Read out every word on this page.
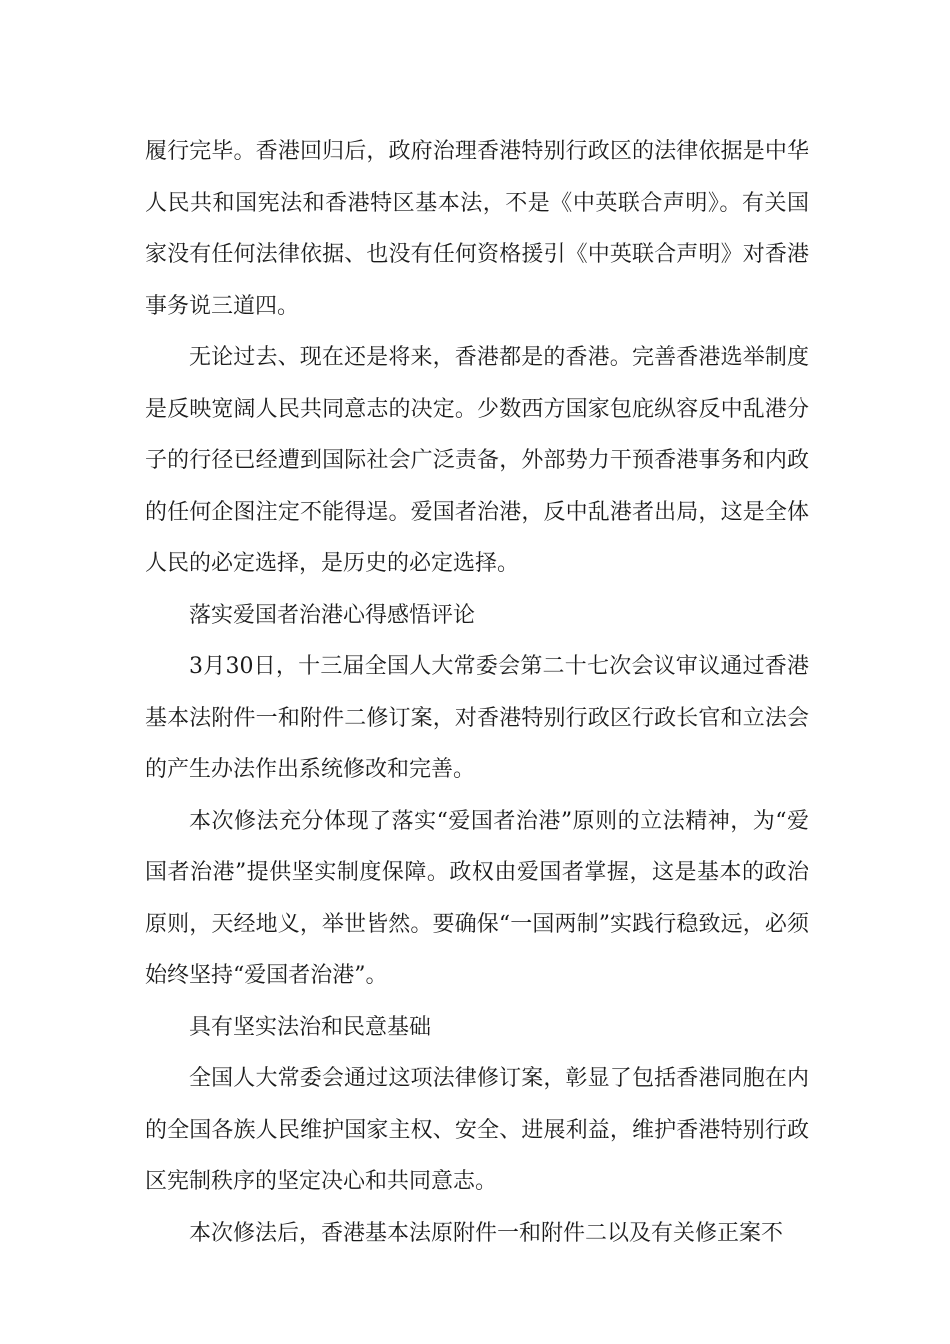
履行完毕。香港回归后，政府治理香港特别行政区的法律依据是中华人民共和国宪法和香港特区基本法，不是《中英联合声明》。有关国家没有任何法律依据、也没有任何资格援引《中英联合声明》对香港事务说三道四。

无论过去、现在还是将来，香港都是的香港。完善香港选举制度是反映宽阔人民共同意志的决定。少数西方国家包庇纵容反中乱港分子的行径已经遭到国际社会广泛责备，外部势力干预香港事务和内政的任何企图注定不能得逞。爱国者治港，反中乱港者出局，这是全体人民的必定选择，是历史的必定选择。

落实爱国者治港心得感悟评论

3月30日，十三届全国人大常委会第二十七次会议审议通过香港基本法附件一和附件二修订案，对香港特别行政区行政长官和立法会的产生办法作出系统修改和完善。

本次修法充分体现了落实“爱国者治港”原则的立法精神，为“爱国者治港”提供坚实制度保障。政权由爱国者掌握，这是基本的政治原则，天经地义，举世皆然。要确保“一国两制”实践行稳致远，必须始终坚持“爱国者治港”。

具有坚实法治和民意基础

全国人大常委会通过这项法律修订案，彰显了包括香港同胞在内的全国各族人民维护国家主权、安全、进展利益，维护香港特别行政区宪制秩序的坚定决心和共同意志。

本次修法后，香港基本法原附件一和附件二以及有关修正案不
